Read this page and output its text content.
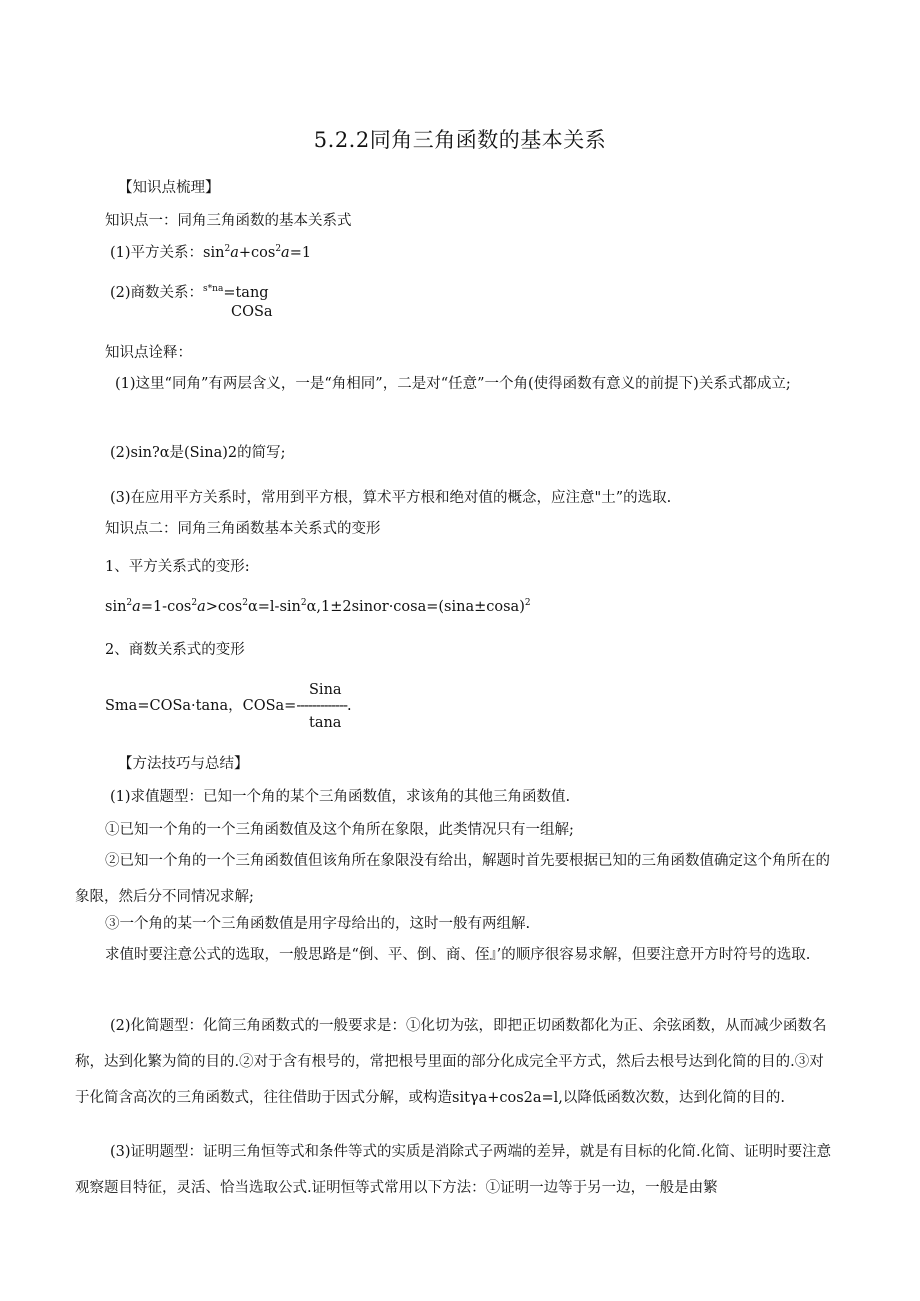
5.2.2同角三角函数的基本关系
【知识点梳理】
知识点一：同角三角函数的基本关系式
(1)平方关系：$\sin^2a+\cos^2a=1$
(2)商数关系：$^{s*na}$=tang
COSa
知识点诠释：
(1)这里“同角”有两层含义，一是“角相同”，二是对“任意”一个角(使得函数有意义的前提下)关系式都成立;
(2)sin?α是(Sina)2的简写;
(3)在应用平方关系时，常用到平方根，算术平方根和绝对值的概念，应注意"土”的选取.
知识点二：同角三角函数基本关系式的变形
1、平方关系式的变形:
$\sin^2a=1-\cos^2a>\cos^2\alpha=l-\sin^2\alpha,1\pm 2sinor\cdot\cos a=(\sin a\pm\cos a)^2$
2、商数关系式的变形
Sina
Sma=COSa·tana，COSa=-------------.
tana
【方法技巧与总结】
(1)求值题型：已知一个角的某个三角函数值，求该角的其他三角函数值.
①已知一个角的一个三角函数值及这个角所在象限，此类情况只有一组解;
②已知一个角的一个三角函数值但该角所在象限没有给出，解题时首先要根据已知的三角函数值确定这个角所在的象限，然后分不同情况求解;
③一个角的某一个三角函数值是用字母给出的，这时一般有两组解.
求值时要注意公式的选取，一般思路是“倒、平、倒、商、侄』’的顺序很容易求解，但要注意开方时符号的选取.
(2)化简题型：化简三角函数式的一般要求是：①化切为弦，即把正切函数都化为正、余弦函数，从而减少函数名称，达到化繁为简的目的.②对于含有根号的，常把根号里面的部分化成完全平方式，然后去根号达到化简的目的.③对于化简含高次的三角函数式，往往借助于因式分解，或构造sitγa+cos2a=l,以降低函数次数，达到化简的目的.
(3)证明题型：证明三角恒等式和条件等式的实质是消除式子两端的差异，就是有目标的化简.化简、证明时要注意观察题目特征，灵活、恰当选取公式.证明恒等式常用以下方法：①证明一边等于另一边，一般是由繁
